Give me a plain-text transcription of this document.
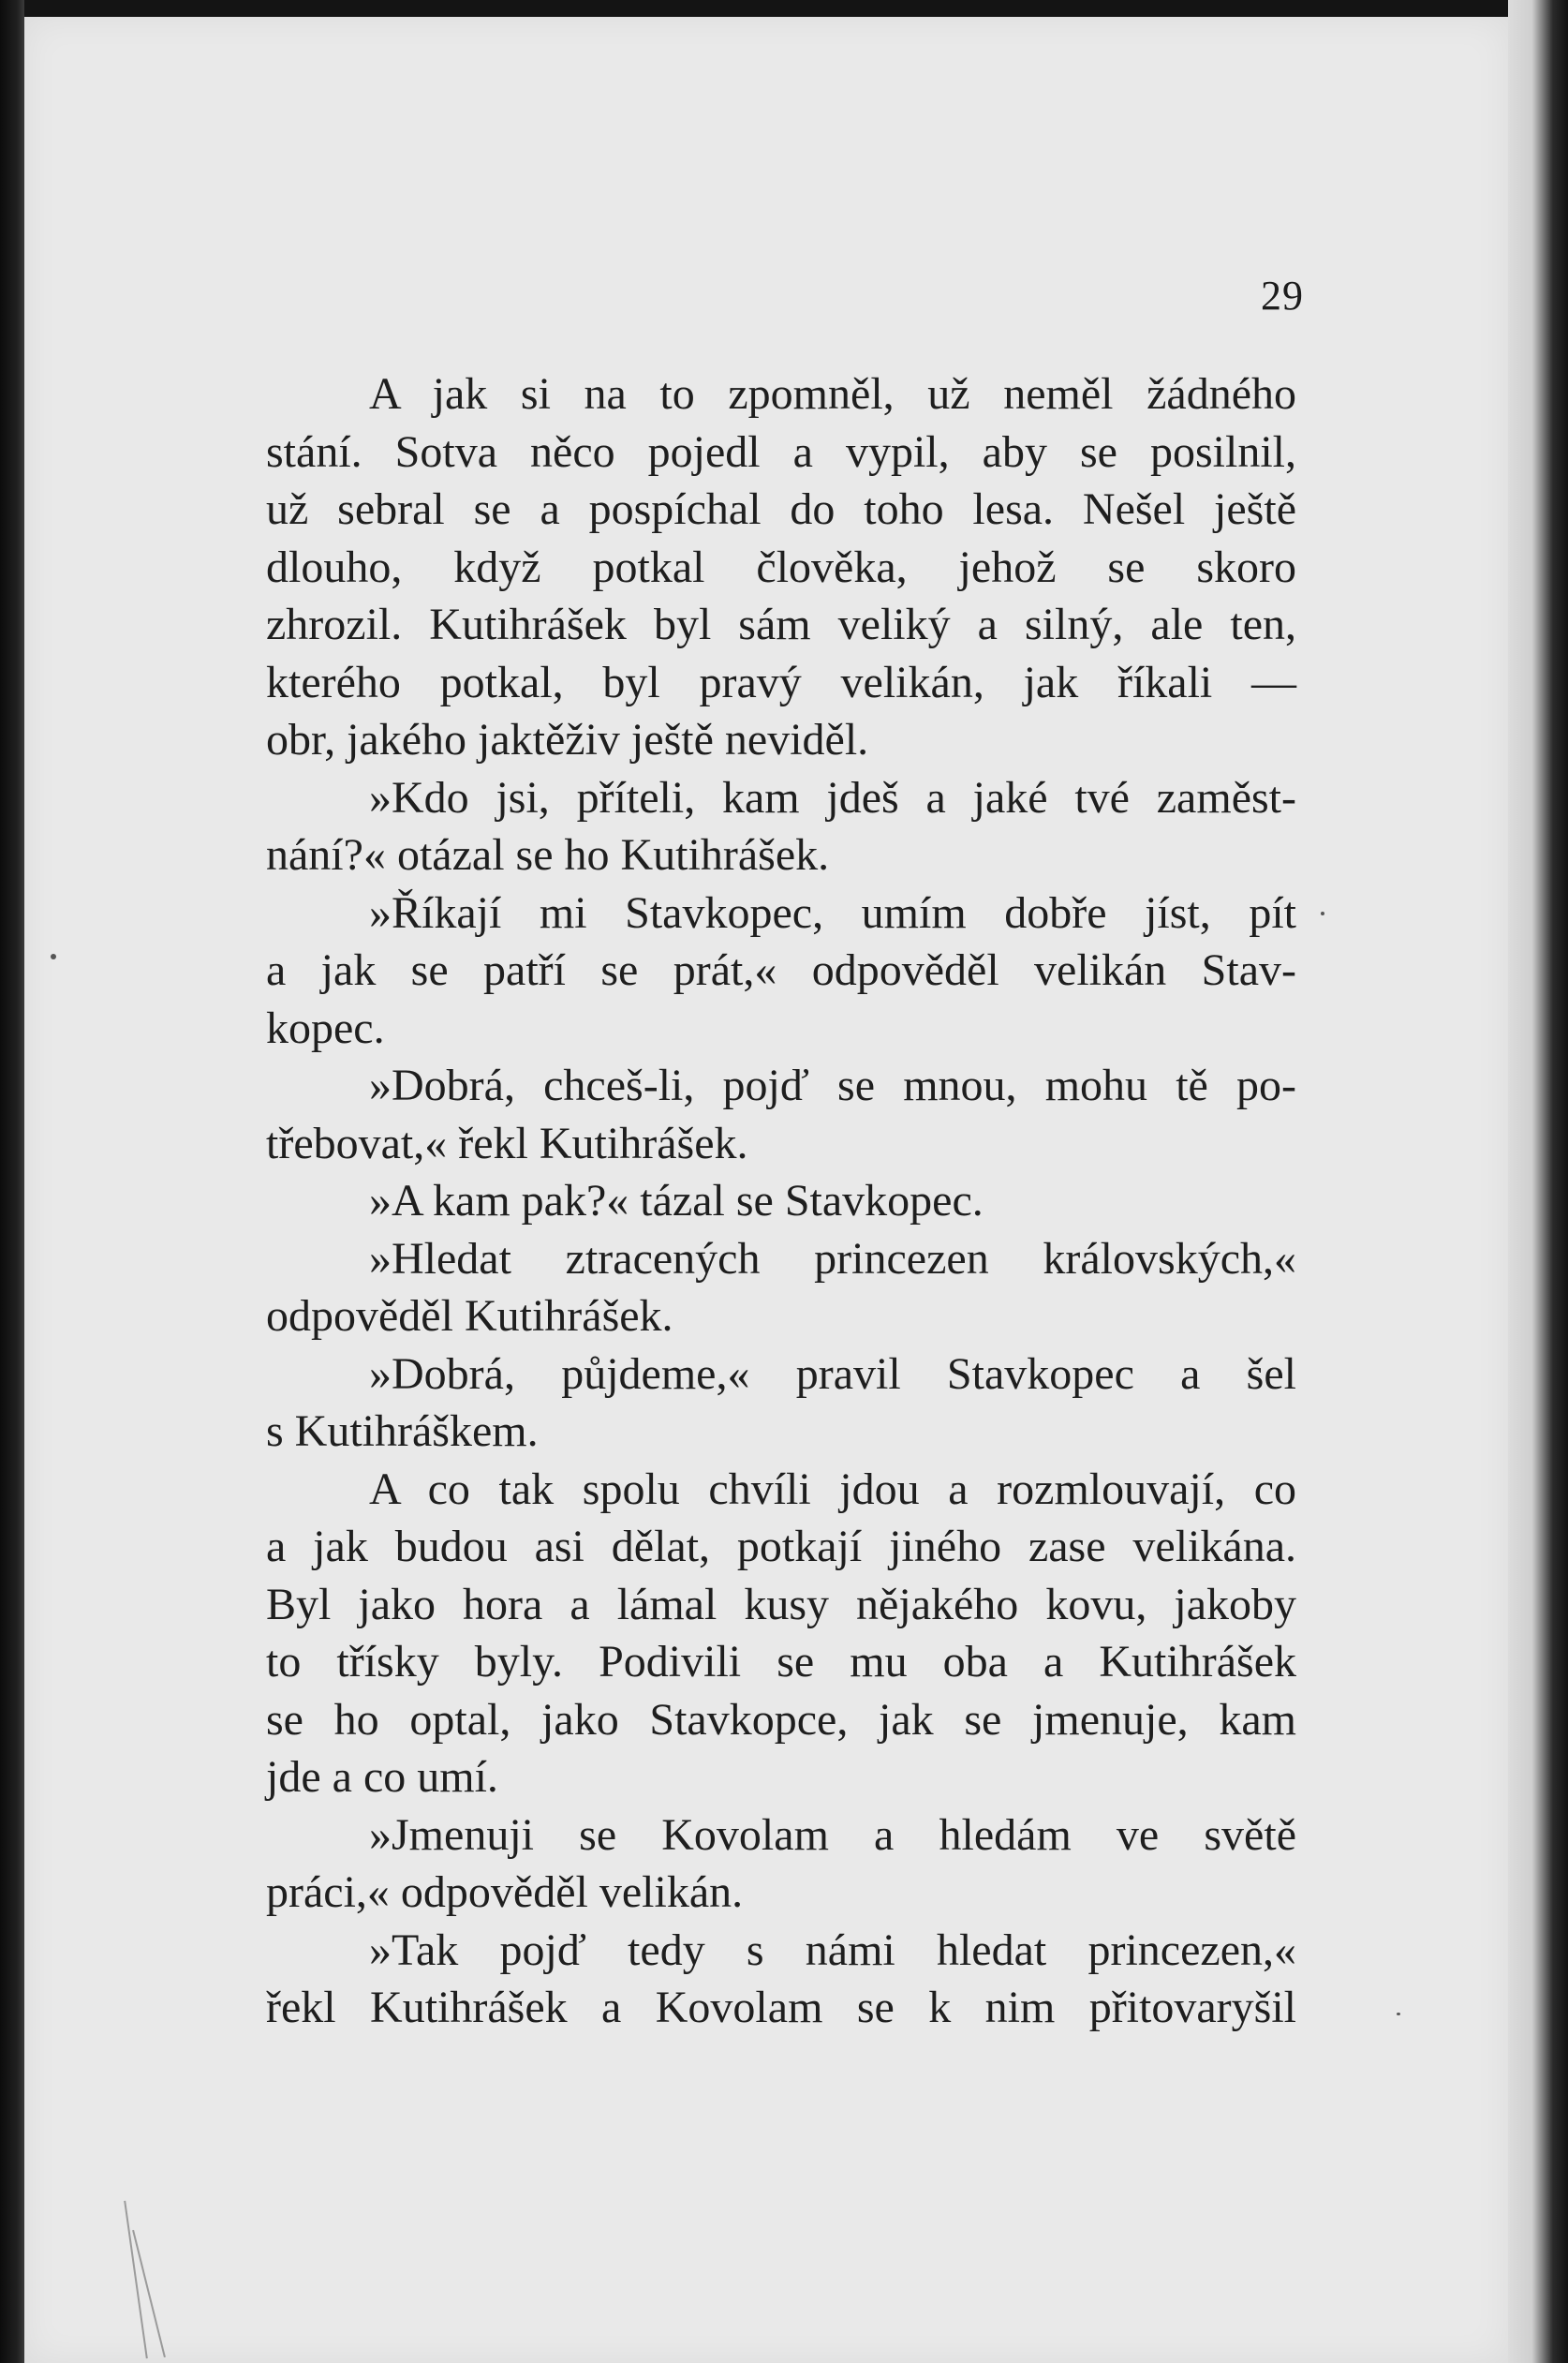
29
A jak si na to zpomněl, už neměl žádného
stání. Sotva něco pojedl a vypil, aby se posilnil,
už sebral se a pospíchal do toho lesa. Nešel ještě
dlouho, když potkal člověka, jehož se skoro
zhrozil. Kutihrášek byl sám veliký a silný, ale ten,
kterého potkal, byl pravý velikán, jak říkali —
obr, jakého jaktěživ ještě neviděl.
»Kdo jsi, příteli, kam jdeš a jaké tvé zaměst-
nání?« otázal se ho Kutihrášek.
»Říkají mi Stavkopec, umím dobře jíst, pít
a jak se patří se prát,« odpověděl velikán Stav-
kopec.
»Dobrá, chceš-li, pojď se mnou, mohu tě po-
třebovat,« řekl Kutihrášek.
»A kam pak?« tázal se Stavkopec.
»Hledat ztracených princezen královských,«
odpověděl Kutihrášek.
»Dobrá, půjdeme,« pravil Stavkopec a šel
s Kutihráškem.
A co tak spolu chvíli jdou a rozmlouvají, co
a jak budou asi dělat, potkají jiného zase velikána.
Byl jako hora a lámal kusy nějakého kovu, jakoby
to třísky byly. Podivili se mu oba a Kutihrášek
se ho optal, jako Stavkopce, jak se jmenuje, kam
jde a co umí.
»Jmenuji se Kovolam a hledám ve světě
práci,« odpověděl velikán.
»Tak pojď tedy s námi hledat princezen,«
řekl Kutihrášek a Kovolam se k nim přitovaryšil
